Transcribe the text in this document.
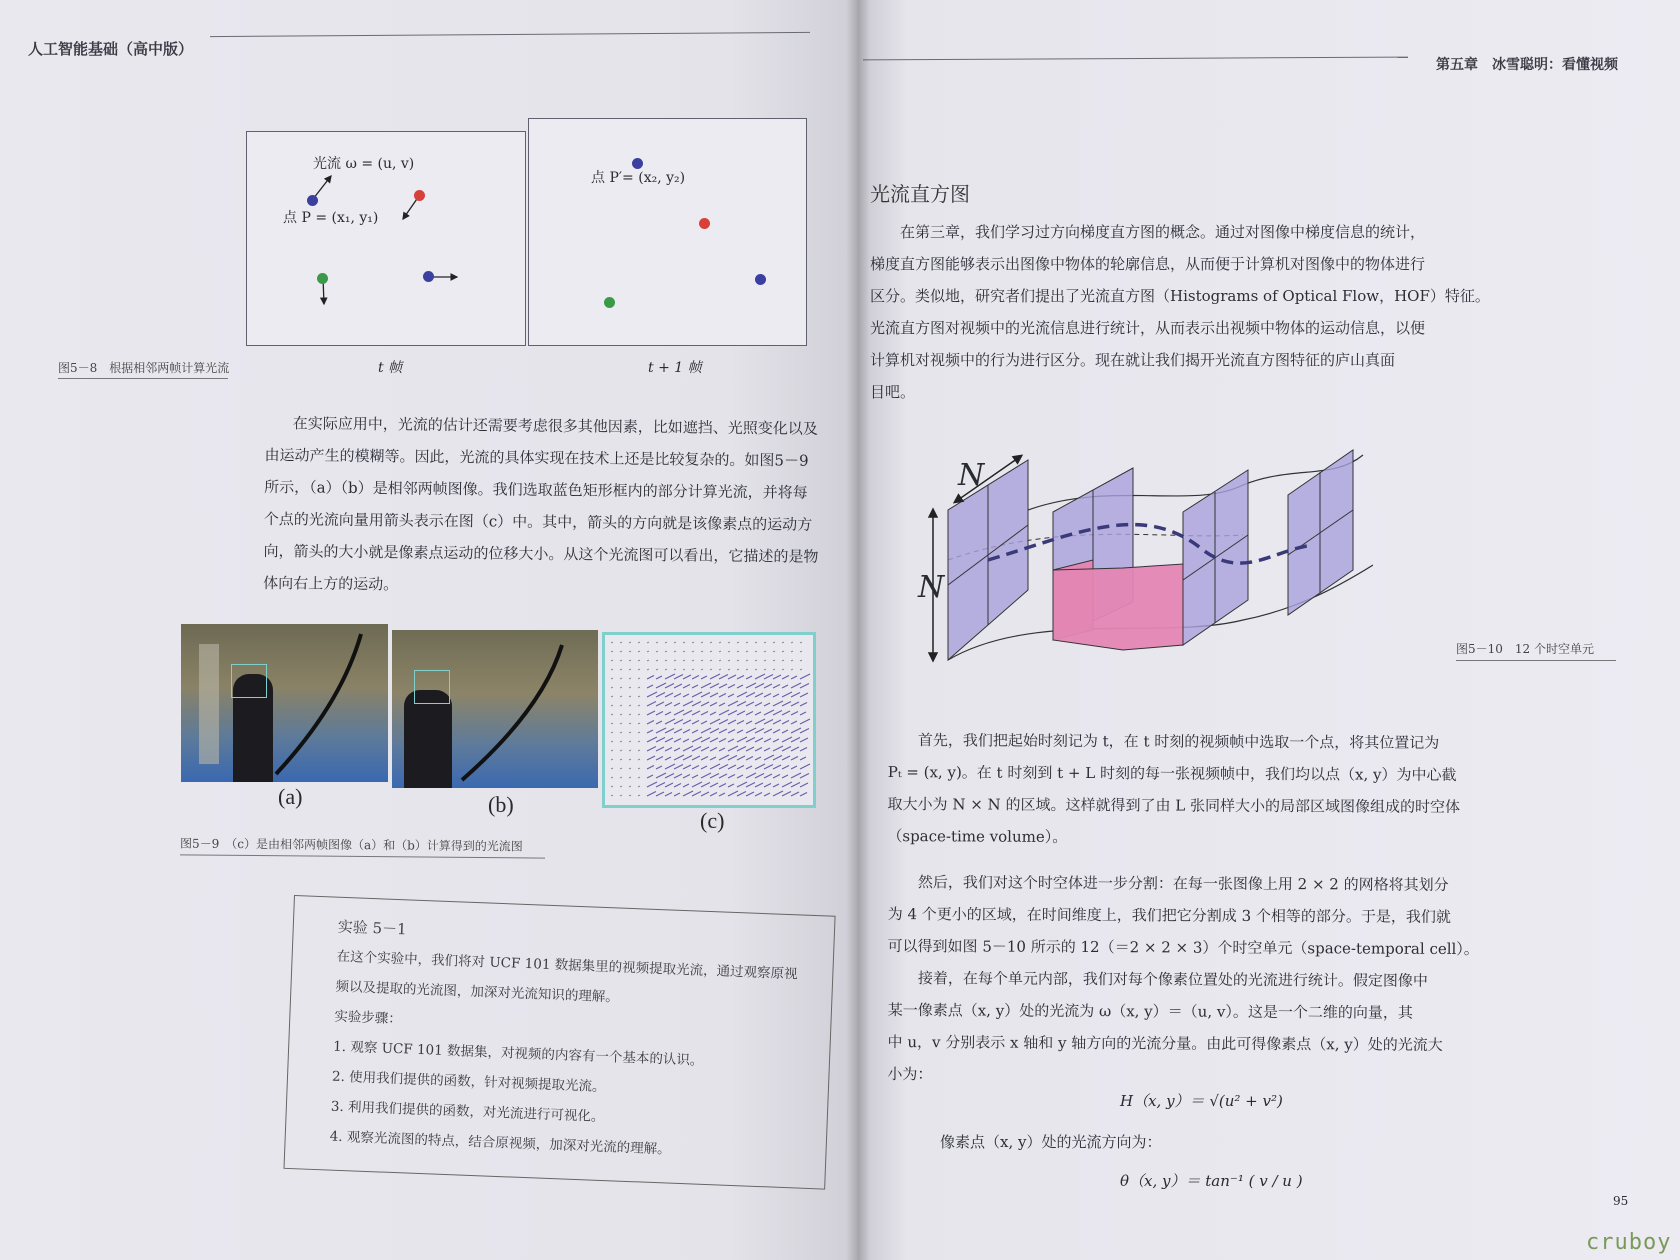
人工智能基础（高中版）
光流 ω = (u, v)
点 P = (x₁, y₁)
点 P′= (x₂, y₂)
图5－8　根据相邻两帧计算光流	t 帧	t + 1 帧
在实际应用中，光流的估计还需要考虑很多其他因素，比如遮挡、光照变化以及
由运动产生的模糊等。因此，光流的具体实现在技术上还是比较复杂的。如图5－9
所示，（a）（b）是相邻两帧图像。我们选取蓝色矩形框内的部分计算光流，并将每
个点的光流向量用箭头表示在图（c）中。其中，箭头的方向就是该像素点的运动方
向，箭头的大小就是像素点运动的位移大小。从这个光流图可以看出，它描述的是物
体向右上方的运动。
(a)	(b)
(c)
图5－9　（c）是由相邻两帧图像（a）和（b）计算得到的光流图
实验 5－1
在这个实验中，我们将对 UCF 101 数据集里的视频提取光流，通过观察原视
频以及提取的光流图，加深对光流知识的理解。
实验步骤：
1. 观察 UCF 101 数据集，对视频的内容有一个基本的认识。
2. 使用我们提供的函数，针对视频提取光流。
3. 利用我们提供的函数，对光流进行可视化。
4. 观察光流图的特点，结合原视频，加深对光流的理解。
第五章　冰雪聪明：看懂视频
光流直方图
在第三章，我们学习过方向梯度直方图的概念。通过对图像中梯度信息的统计，
梯度直方图能够表示出图像中物体的轮廓信息，从而便于计算机对图像中的物体进行
区分。类似地，研究者们提出了光流直方图（Histograms of Optical Flow，HOF）特征。
光流直方图对视频中的光流信息进行统计，从而表示出视频中物体的运动信息，以便
计算机对视频中的行为进行区分。现在就让我们揭开光流直方图特征的庐山真面
目吧。
N
N
图5－10　12 个时空单元
首先，我们把起始时刻记为 t，在 t 时刻的视频帧中选取一个点，将其位置记为
Pₜ = (x, y)。在 t 时刻到 t + L 时刻的每一张视频帧中，我们均以点（x, y）为中心截
取大小为 N × N 的区域。这样就得到了由 L 张同样大小的局部区域图像组成的时空体
（space-time volume）。
然后，我们对这个时空体进一步分割：在每一张图像上用 2 × 2 的网格将其划分
为 4 个更小的区域，在时间维度上，我们把它分割成 3 个相等的部分。于是，我们就
可以得到如图 5－10 所示的 12（＝2 × 2 × 3）个时空单元（space-temporal cell）。
接着，在每个单元内部，我们对每个像素位置处的光流进行统计。假定图像中
某一像素点（x, y）处的光流为 ω（x, y）＝（u, v）。这是一个二维的向量，其
中 u，v 分别表示 x 轴和 y 轴方向的光流分量。由此可得像素点（x, y）处的光流大
小为：
H（x, y）＝ √(u² + v²)
像素点（x, y）处的光流方向为：
θ（x, y）＝ tan⁻¹ ( v / u )
95
cruboy
